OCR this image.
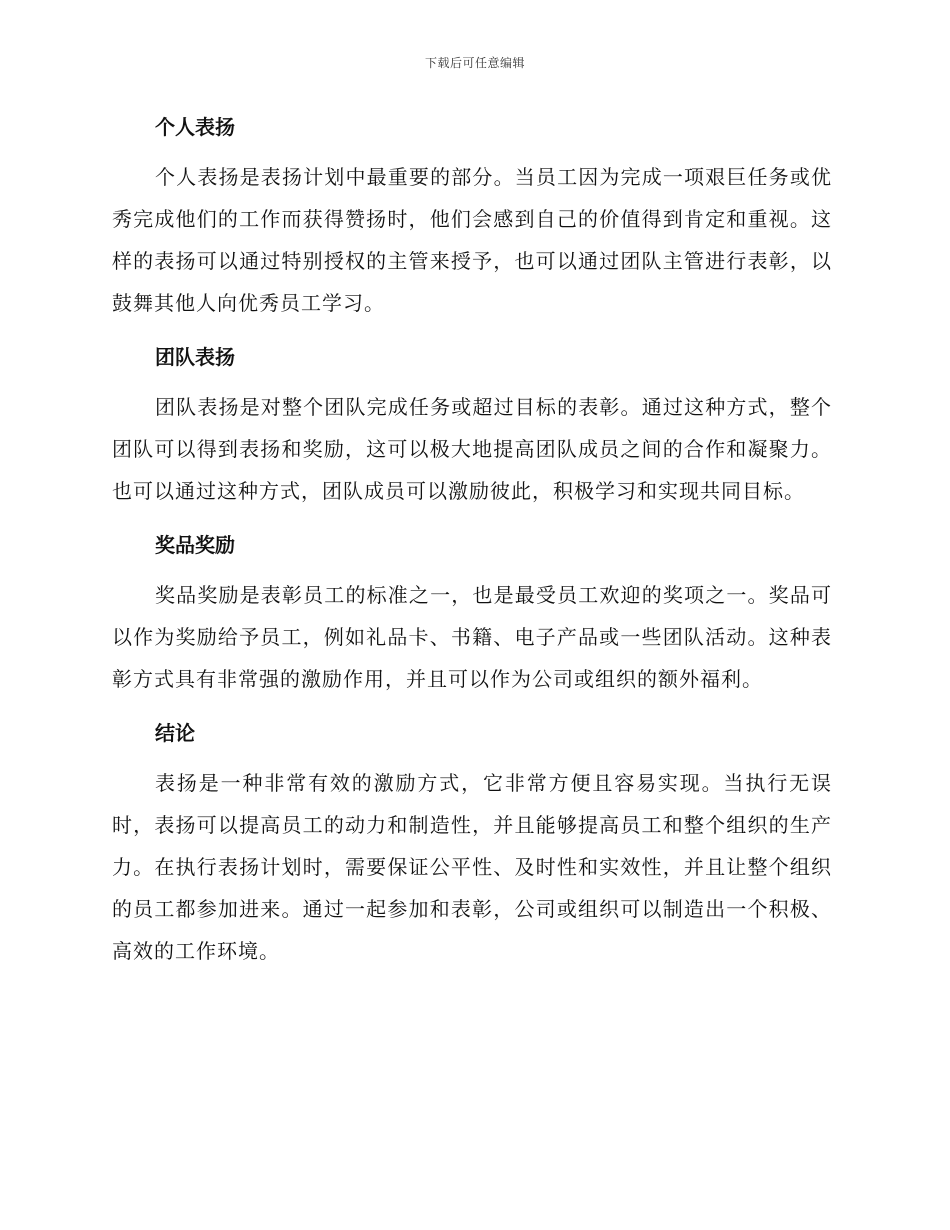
下载后可任意编辑
个人表扬

个人表扬是表扬计划中最重要的部分。当员工因为完成一项艰巨任务或优秀完成他们的工作而获得赞扬时，他们会感到自己的价值得到肯定和重视。这样的表扬可以通过特别授权的主管来授予，也可以通过团队主管进行表彰，以鼓舞其他人向优秀员工学习。

团队表扬

团队表扬是对整个团队完成任务或超过目标的表彰。通过这种方式，整个团队可以得到表扬和奖励，这可以极大地提高团队成员之间的合作和凝聚力。也可以通过这种方式，团队成员可以激励彼此，积极学习和实现共同目标。

奖品奖励

奖品奖励是表彰员工的标准之一，也是最受员工欢迎的奖项之一。奖品可以作为奖励给予员工，例如礼品卡、书籍、电子产品或一些团队活动。这种表彰方式具有非常强的激励作用，并且可以作为公司或组织的额外福利。

结论

表扬是一种非常有效的激励方式，它非常方便且容易实现。当执行无误时，表扬可以提高员工的动力和制造性，并且能够提高员工和整个组织的生产力。在执行表扬计划时，需要保证公平性、及时性和实效性，并且让整个组织的员工都参加进来。通过一起参加和表彰，公司或组织可以制造出一个积极、高效的工作环境。
